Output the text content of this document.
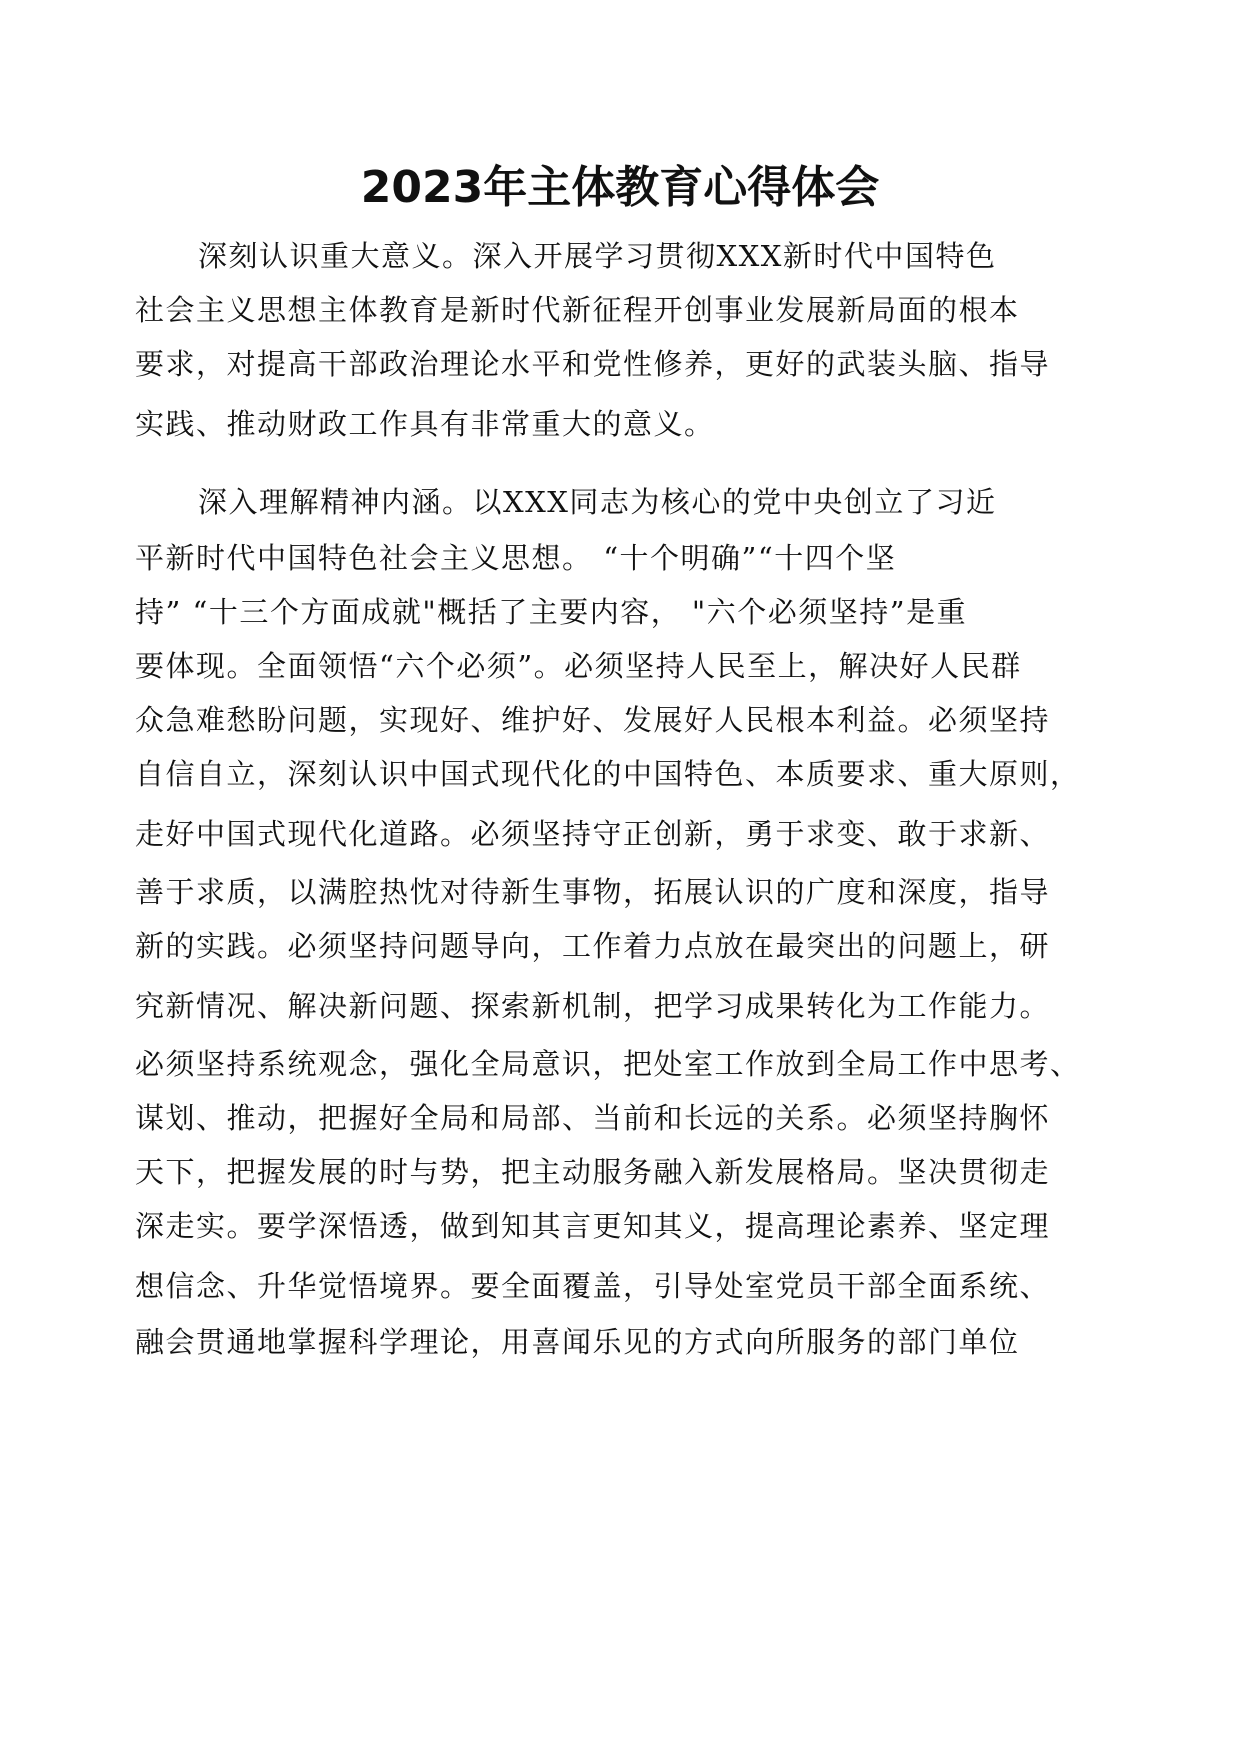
2023年主体教育心得体会
深刻认识重大意义。深入开展学习贯彻XXX新时代中国特色
社会主义思想主体教育是新时代新征程开创事业发展新局面的根本
要求，对提高干部政治理论水平和党性修养，更好的武装头脑、指导
实践、推动财政工作具有非常重大的意义。
深入理解精神内涵。以XXX同志为核心的党中央创立了习近
平新时代中国特色社会主义思想。 “十个明确”“十四个坚
持” “十三个方面成就"概括了主要内容， "六个必须坚持”是重
要体现。全面领悟“六个必须”。必须坚持人民至上，解决好人民群
众急难愁盼问题，实现好、维护好、发展好人民根本利益。必须坚持
自信自立，深刻认识中国式现代化的中国特色、本质要求、重大原则，
走好中国式现代化道路。必须坚持守正创新，勇于求变、敢于求新、
善于求质，以满腔热忱对待新生事物，拓展认识的广度和深度，指导
新的实践。必须坚持问题导向，工作着力点放在最突出的问题上，研
究新情况、解决新问题、探索新机制，把学习成果转化为工作能力。
必须坚持系统观念，强化全局意识，把处室工作放到全局工作中思考、
谋划、推动，把握好全局和局部、当前和长远的关系。必须坚持胸怀
天下，把握发展的时与势，把主动服务融入新发展格局。坚决贯彻走
深走实。要学深悟透，做到知其言更知其义，提高理论素养、坚定理
想信念、升华觉悟境界。要全面覆盖，引导处室党员干部全面系统、
融会贯通地掌握科学理论，用喜闻乐见的方式向所服务的部门单位
